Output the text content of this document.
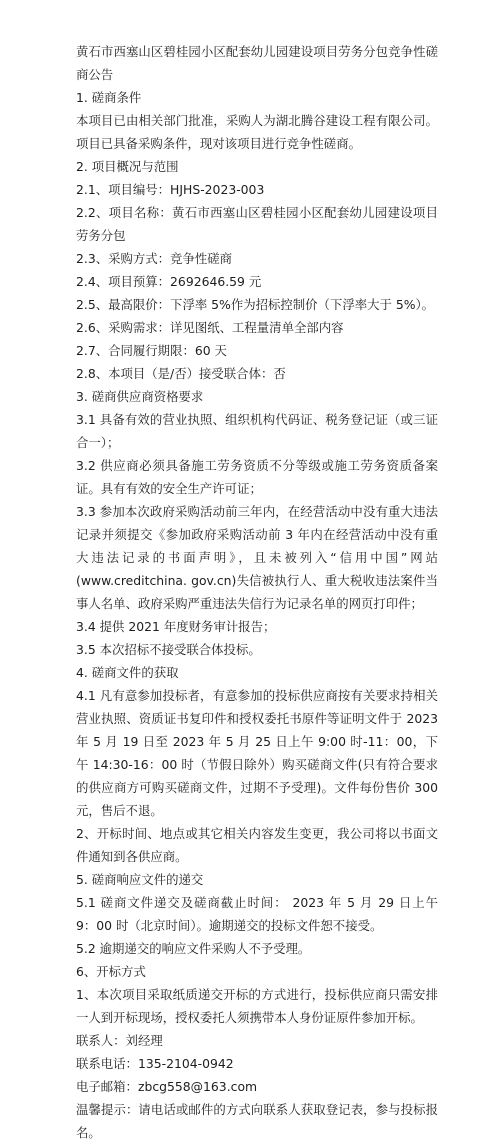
黄石市西塞山区碧桂园小区配套幼儿园建设项目劳务分包竞争性磋商公告

1. 磋商条件

本项目已由相关部门批准，采购人为湖北腾谷建设工程有限公司。项目已具备采购条件，现对该项目进行竞争性磋商。

2. 项目概况与范围

2.1、项目编号：HJHS-2023-003

2.2、项目名称：黄石市西塞山区碧桂园小区配套幼儿园建设项目劳务分包

2.3、采购方式：竞争性磋商

2.4、项目预算：2692646.59 元

2.5、最高限价：下浮率 5%作为招标控制价（下浮率大于 5%）。

2.6、采购需求：详见图纸、工程量清单全部内容

2.7、合同履行期限：60 天

2.8、本项目（是/否）接受联合体：否

3. 磋商供应商资格要求

3.1 具备有效的营业执照、组织机构代码证、税务登记证（或三证合一）；

3.2 供应商必须具备施工劳务资质不分等级或施工劳务资质备案证。具有有效的安全生产许可证；

3.3 参加本次政府采购活动前三年内，在经营活动中没有重大违法记录并须提交《参加政府采购活动前 3 年内在经营活动中没有重大违法记录的书面声明》，且未被列入“信用中国”网站(www.creditchina. gov.cn)失信被执行人、重大税收违法案件当事人名单、政府采购严重违法失信行为记录名单的网页打印件；

3.4 提供 2021 年度财务审计报告；

3.5 本次招标不接受联合体投标。

4. 磋商文件的获取

4.1 凡有意参加投标者，有意参加的投标供应商按有关要求持相关营业执照、资质证书复印件和授权委托书原件等证明文件于 2023 年 5 月 19 日至 2023 年 5 月 25 日上午 9:00 时-11：00，下午 14:30-16：00 时（节假日除外）购买磋商文件(只有符合要求的供应商方可购买磋商文件，过期不予受理)。文件每份售价 300 元，售后不退。

2、开标时间、地点或其它相关内容发生变更，我公司将以书面文件通知到各供应商。

5. 磋商响应文件的递交

5.1 磋商文件递交及磋商截止时间： 2023 年 5 月 29 日上午 9：00 时（北京时间）。逾期递交的投标文件恕不接受。

5.2 逾期递交的响应文件采购人不予受理。

6、开标方式

1、本次项目采取纸质递交开标的方式进行，投标供应商只需安排一人到开标现场，授权委托人须携带本人身份证原件参加开标。

联系人：刘经理

联系电话：135-2104-0942

电子邮箱：zbcg558@163.com

温馨提示：请电话或邮件的方式向联系人获取登记表，参与投标报名。
